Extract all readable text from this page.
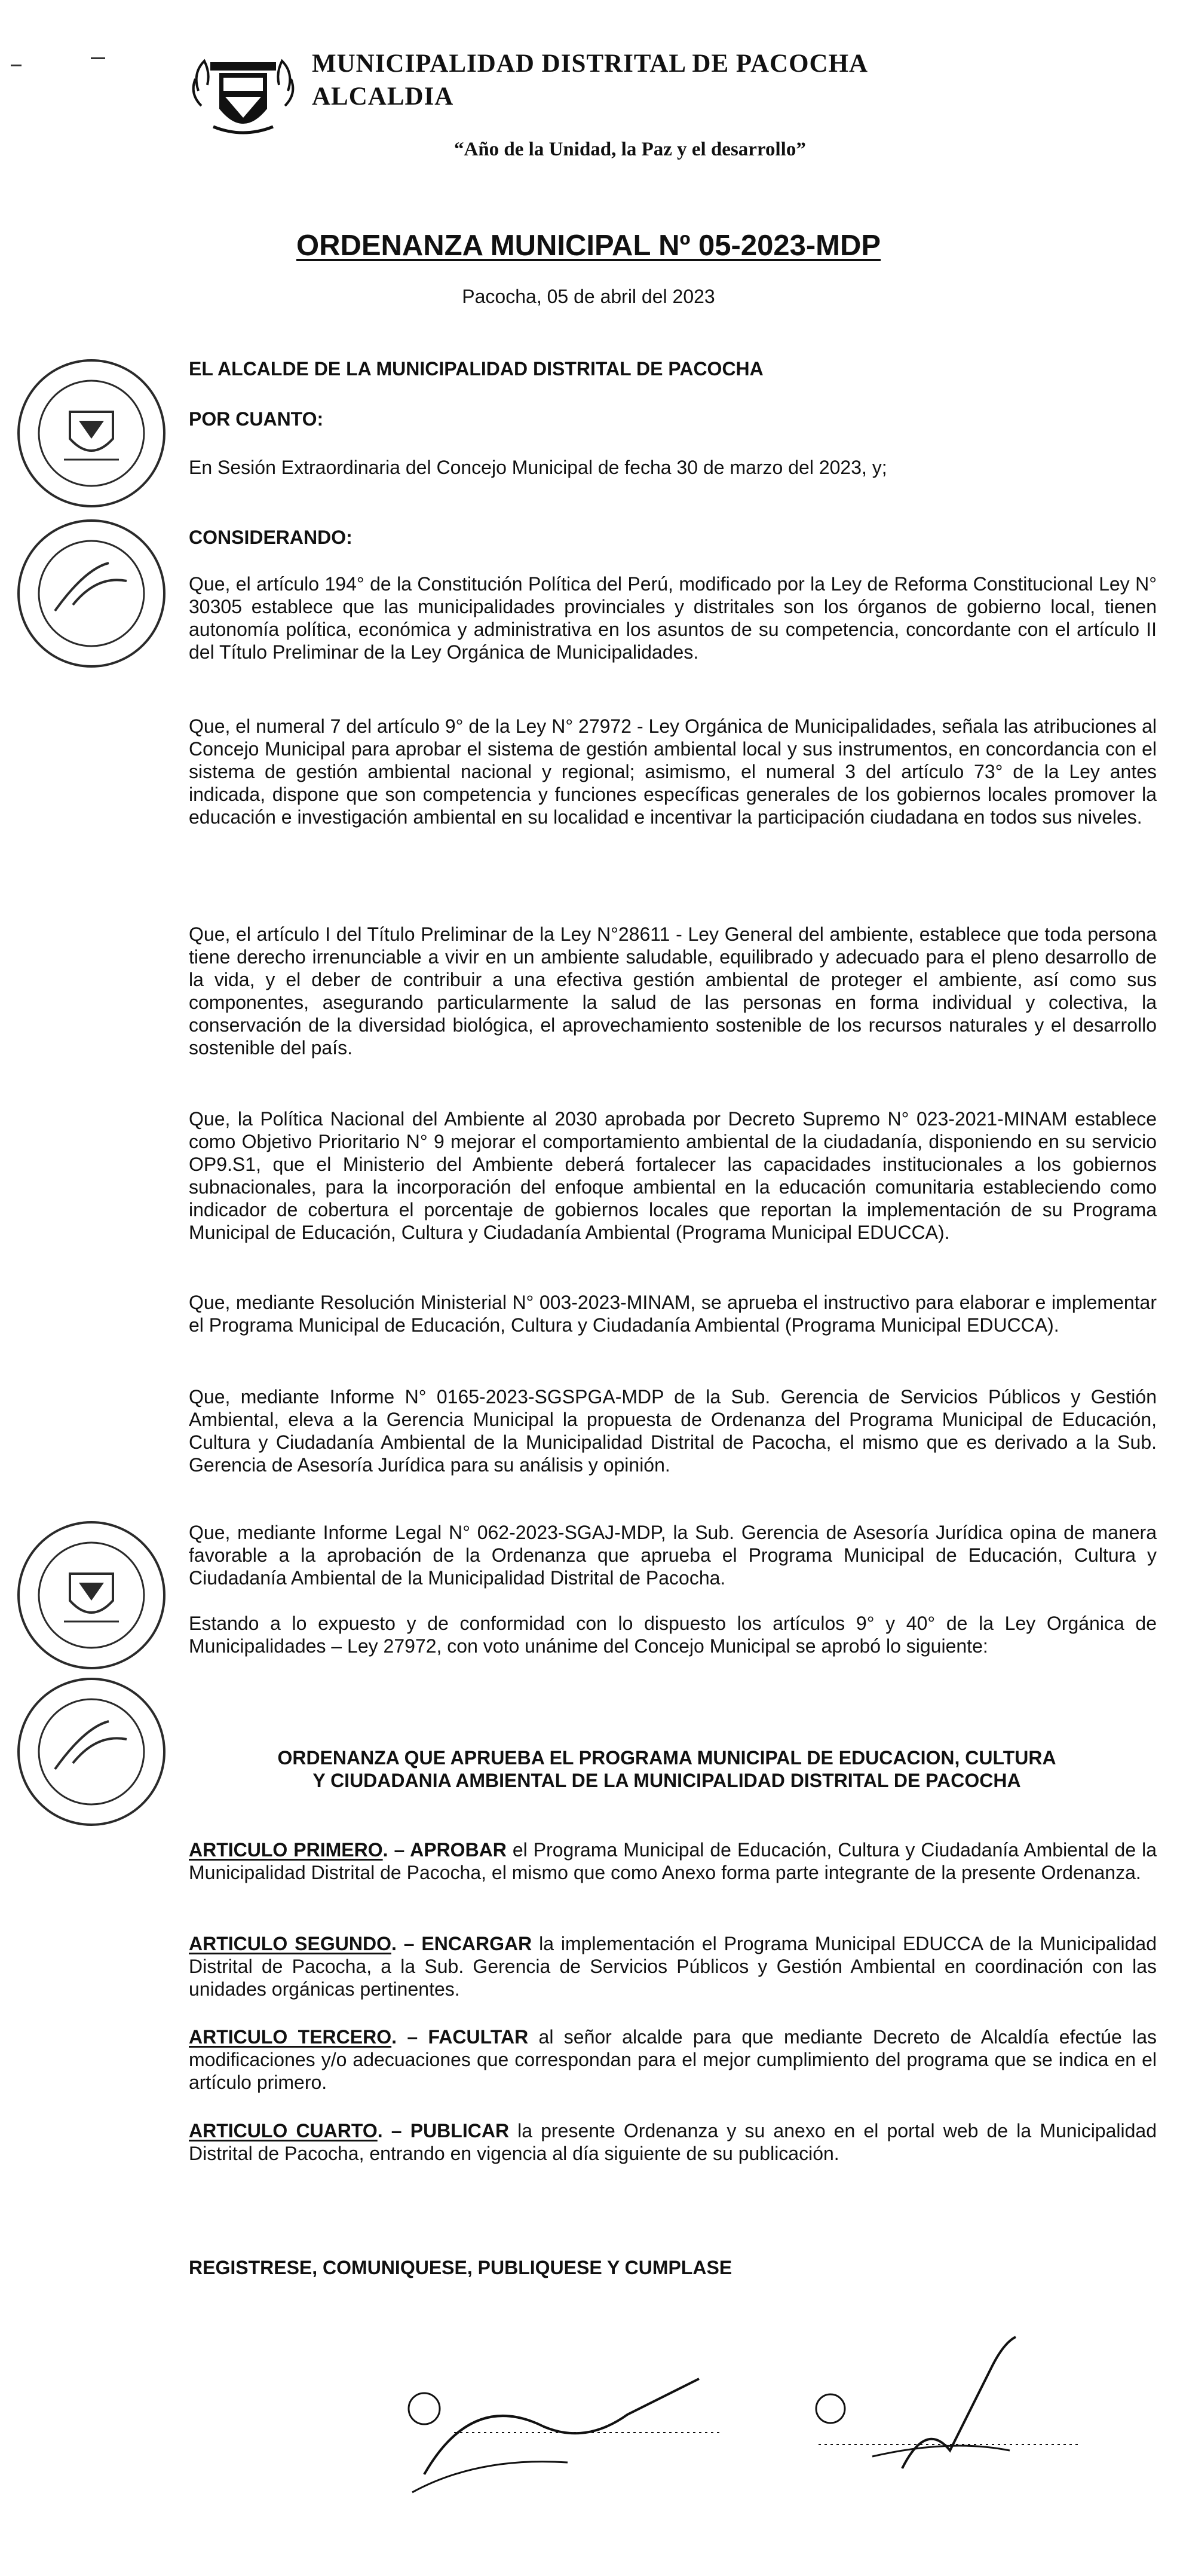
MUNICIPALIDAD DISTRITAL DE PACOCHA
ALCALDIA
“Año de la Unidad, la Paz y el desarrollo”
ORDENANZA MUNICIPAL Nº 05-2023-MDP
Pacocha, 05 de abril del 2023
EL ALCALDE DE LA MUNICIPALIDAD DISTRITAL DE PACOCHA
POR CUANTO:
En Sesión Extraordinaria del Concejo Municipal de fecha 30 de marzo del 2023, y;
CONSIDERANDO:
Que, el artículo 194° de la Constitución Política del Perú, modificado por la Ley de Reforma Constitucional Ley N° 30305 establece que las municipalidades provinciales y distritales son los órganos de gobierno local, tienen autonomía política, económica y administrativa en los asuntos de su competencia, concordante con el artículo II del Título Preliminar de la Ley Orgánica de Municipalidades.
Que, el numeral 7 del artículo 9° de la Ley N° 27972 - Ley Orgánica de Municipalidades, señala las atribuciones al Concejo Municipal para aprobar el sistema de gestión ambiental local y sus instrumentos, en concordancia con el sistema de gestión ambiental nacional y regional; asimismo, el numeral 3 del artículo 73° de la Ley antes indicada, dispone que son competencia y funciones específicas generales de los gobiernos locales promover la educación e investigación ambiental en su localidad e incentivar la participación ciudadana en todos sus niveles.
Que, el artículo I del Título Preliminar de la Ley N°28611 - Ley General del ambiente, establece que toda persona tiene derecho irrenunciable a vivir en un ambiente saludable, equilibrado y adecuado para el pleno desarrollo de la vida, y el deber de contribuir a una efectiva gestión ambiental de proteger el ambiente, así como sus componentes, asegurando particularmente la salud de las personas en forma individual y colectiva, la conservación de la diversidad biológica, el aprovechamiento sostenible de los recursos naturales y el desarrollo sostenible del país.
Que, la Política Nacional del Ambiente al 2030 aprobada por Decreto Supremo N° 023-2021-MINAM establece como Objetivo Prioritario N° 9 mejorar el comportamiento ambiental de la ciudadanía, disponiendo en su servicio OP9.S1, que el Ministerio del Ambiente deberá fortalecer las capacidades institucionales a los gobiernos subnacionales, para la incorporación del enfoque ambiental en la educación comunitaria estableciendo como indicador de cobertura el porcentaje de gobiernos locales que reportan la implementación de su Programa Municipal de Educación, Cultura y Ciudadanía Ambiental (Programa Municipal EDUCCA).
Que, mediante Resolución Ministerial N° 003-2023-MINAM, se aprueba el instructivo para elaborar e implementar el Programa Municipal de Educación, Cultura y Ciudadanía Ambiental (Programa Municipal EDUCCA).
Que, mediante Informe N° 0165-2023-SGSPGA-MDP de la Sub. Gerencia de Servicios Públicos y Gestión Ambiental, eleva a la Gerencia Municipal la propuesta de Ordenanza del Programa Municipal de Educación, Cultura y Ciudadanía Ambiental de la Municipalidad Distrital de Pacocha, el mismo que es derivado a la Sub. Gerencia de Asesoría Jurídica para su análisis y opinión.
Que, mediante Informe Legal N° 062-2023-SGAJ-MDP, la Sub. Gerencia de Asesoría Jurídica opina de manera favorable a la aprobación de la Ordenanza que aprueba el Programa Municipal de Educación, Cultura y Ciudadanía Ambiental de la Municipalidad Distrital de Pacocha.
Estando a lo expuesto y de conformidad con lo dispuesto los artículos 9° y 40° de la Ley Orgánica de Municipalidades – Ley 27972, con voto unánime del Concejo Municipal se aprobó lo siguiente:
ORDENANZA QUE APRUEBA EL PROGRAMA MUNICIPAL DE EDUCACION, CULTURA
Y CIUDADANIA AMBIENTAL DE LA MUNICIPALIDAD DISTRITAL DE PACOCHA
ARTICULO PRIMERO. – APROBAR el Programa Municipal de Educación, Cultura y Ciudadanía Ambiental de la Municipalidad Distrital de Pacocha, el mismo que como Anexo forma parte integrante de la presente Ordenanza.
ARTICULO SEGUNDO. – ENCARGAR la implementación el Programa Municipal EDUCCA de la Municipalidad Distrital de Pacocha, a la Sub. Gerencia de Servicios Públicos y Gestión Ambiental en coordinación con las unidades orgánicas pertinentes.
ARTICULO TERCERO. – FACULTAR al señor alcalde para que mediante Decreto de Alcaldía efectúe las modificaciones y/o adecuaciones que correspondan para el mejor cumplimiento del programa que se indica en el artículo primero.
ARTICULO CUARTO. – PUBLICAR la presente Ordenanza y su anexo en el portal web de la Municipalidad Distrital de Pacocha, entrando en vigencia al día siguiente de su publicación.
REGISTRESE, COMUNIQUESE, PUBLIQUESE Y CUMPLASE
